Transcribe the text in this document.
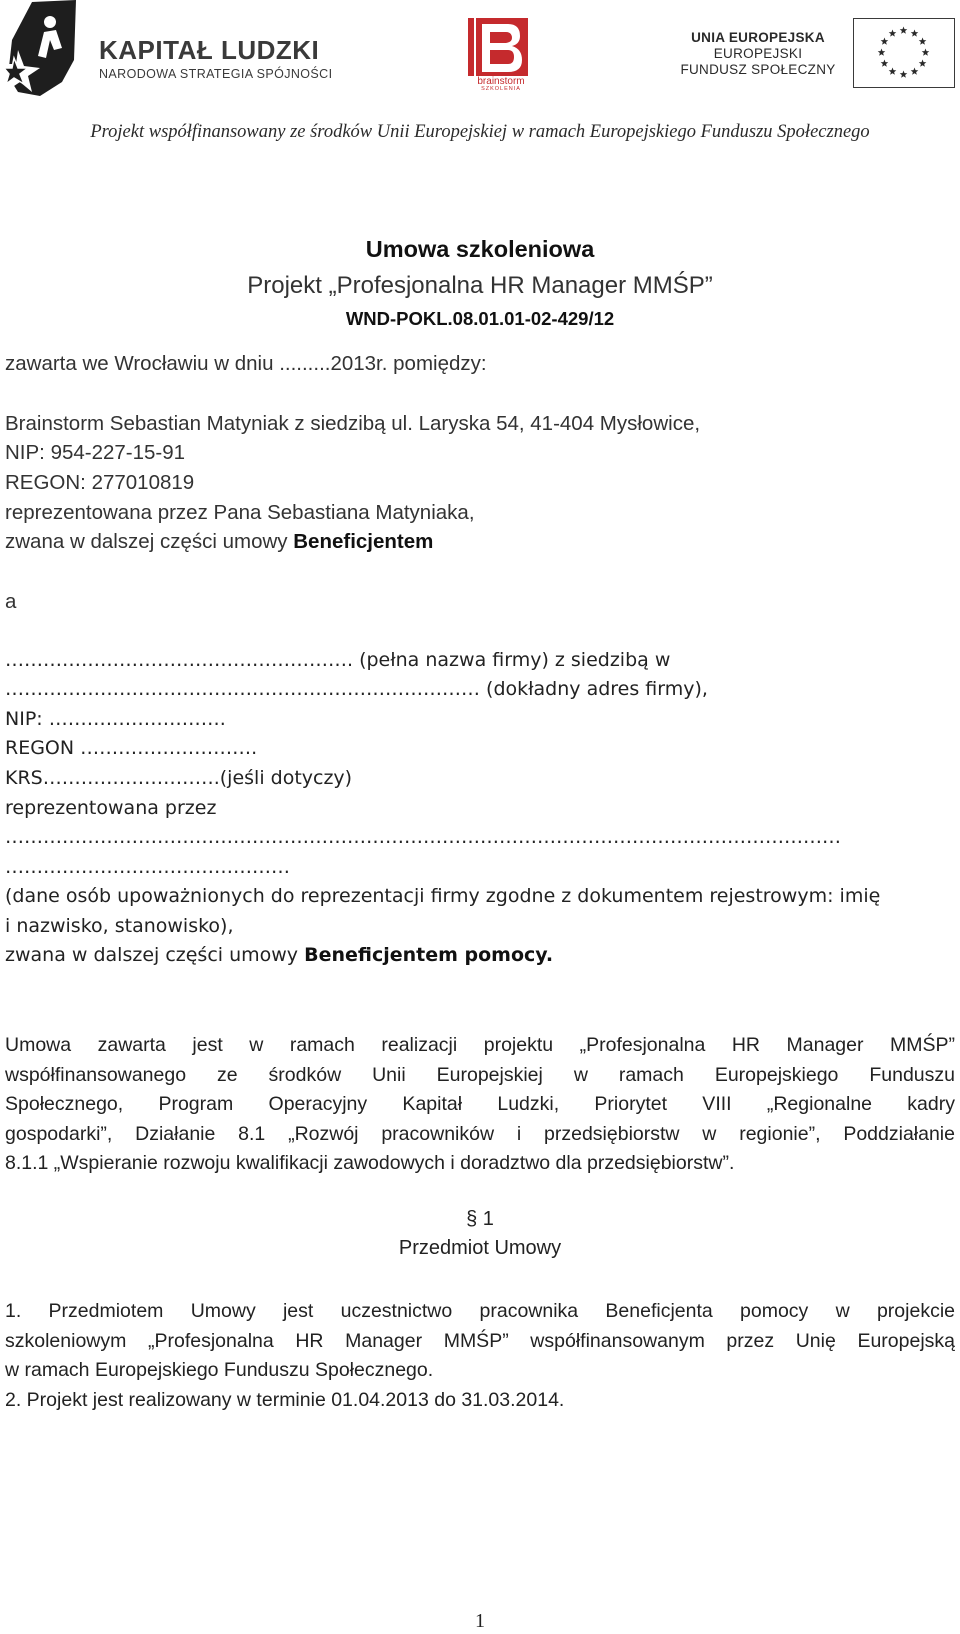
KAPITAŁ LUDZKI
NARODOWA STRATEGIA SPÓJNOŚCI
brainstorm
SZKOLENIA
UNIA EUROPEJSKA
EUROPEJSKI
FUNDUSZ SPOŁECZNY
Projekt współfinansowany ze środków Unii Europejskiej w ramach Europejskiego Funduszu Społecznego
Umowa szkoleniowa
Projekt „Profesjonalna HR Manager MMŚP”
WND-POKL.08.01.01-02-429/12
zawarta we Wrocławiu w dniu .........2013r. pomiędzy:
Brainstorm Sebastian Matyniak z siedzibą ul. Laryska 54, 41-404 Mysłowice,
NIP: 954-227-15-91
REGON: 277010819
reprezentowana przez Pana Sebastiana Matyniaka,
zwana w dalszej części umowy Beneficjentem
a
………………………………………………. (pełna nazwa firmy) z siedzibą w
………………………………………………………………… (dokładny adres firmy),
NIP: ……………………….
REGON ……………………….
KRS……………………….(jeśli dotyczy)
reprezentowana przez
……………………………………………………………………………………………………………………
………………………………………
(dane osób upoważnionych do reprezentacji firmy zgodne z dokumentem rejestrowym: imię
i nazwisko, stanowisko),
zwana w dalszej części umowy Beneficjentem pomocy.
Umowa zawarta jest w ramach realizacji projektu „Profesjonalna HR Manager MMŚP”
współfinansowanego ze środków Unii Europejskiej w ramach Europejskiego Funduszu
Społecznego, Program Operacyjny Kapitał Ludzki, Priorytet VIII „Regionalne kadry
gospodarki”, Działanie 8.1 „Rozwój pracowników i przedsiębiorstw w regionie”, Poddziałanie
8.1.1 „Wspieranie rozwoju kwalifikacji zawodowych i doradztwo dla przedsiębiorstw”.
§ 1
Przedmiot Umowy
1. Przedmiotem Umowy jest uczestnictwo pracownika Beneficjenta pomocy w projekcie
szkoleniowym „Profesjonalna HR Manager MMŚP” współfinansowanym przez Unię Europejską
w ramach Europejskiego Funduszu Społecznego.
2. Projekt jest realizowany w terminie 01.04.2013 do 31.03.2014.
1
